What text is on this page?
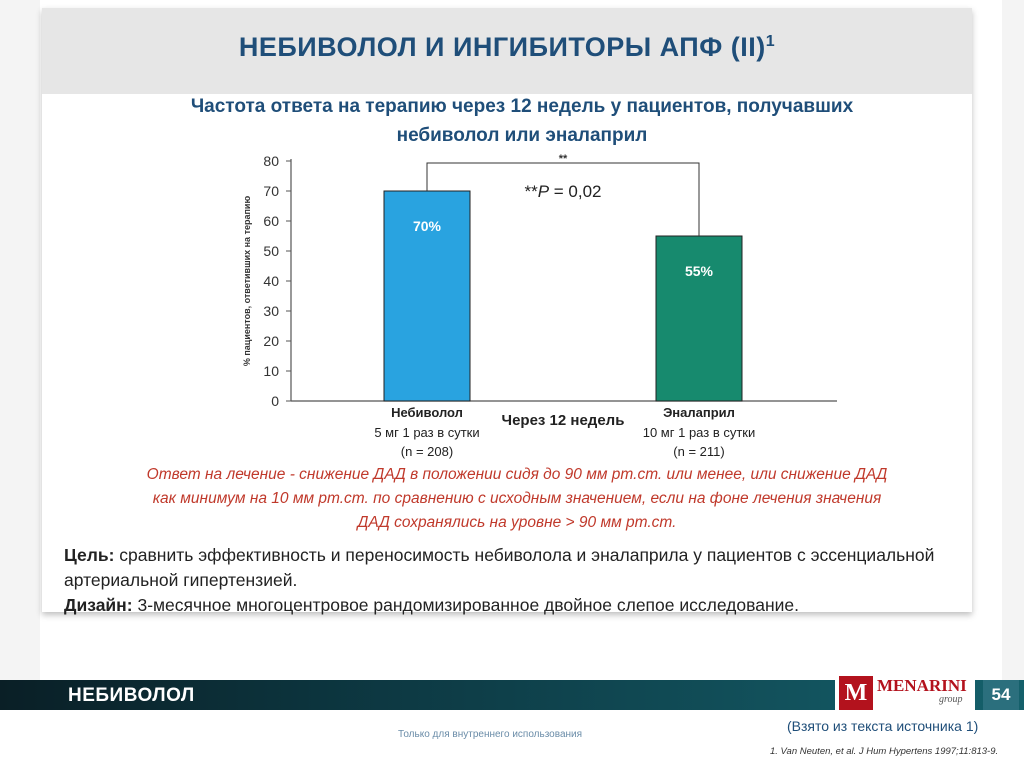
НЕБИВОЛОЛ И ИНГИБИТОРЫ АПФ (II)$^1$
Частота ответа на терапию через 12 недель у пациентов, получавших
небиволол или эналаприл
0
10
20
30
40
50
60
70
80
% пациентов, ответивших на терапию	70%
Небиволол
5 мг 1 раз в сутки
(n = 208)
55%
Эналаприл
10 мг 1 раз в сутки
(n = 211)
Через 12 недель
**
**P = 0,02
Ответ на лечение - снижение ДАД в положении сидя до 90 мм рт.ст. или менее, или снижение ДАД
как минимум на 10 мм рт.ст. по сравнению с исходным значением, если на фоне лечения значения
ДАД сохранялись на уровне > 90 мм рт.ст.
Цель: сравнить эффективность и переносимость небиволола и эналаприла у пациентов с эссенциальной артериальной гипертензией.
Дизайн: 3-месячное многоцентровое рандомизированное двойное слепое исследование.
НЕБИВОЛОЛ	M MENARINI
group	54
Только для внутреннего использования
(Взято из текста источника 1)
1. Van Neuten, et al. J Hum Hypertens 1997;11:813-9.
